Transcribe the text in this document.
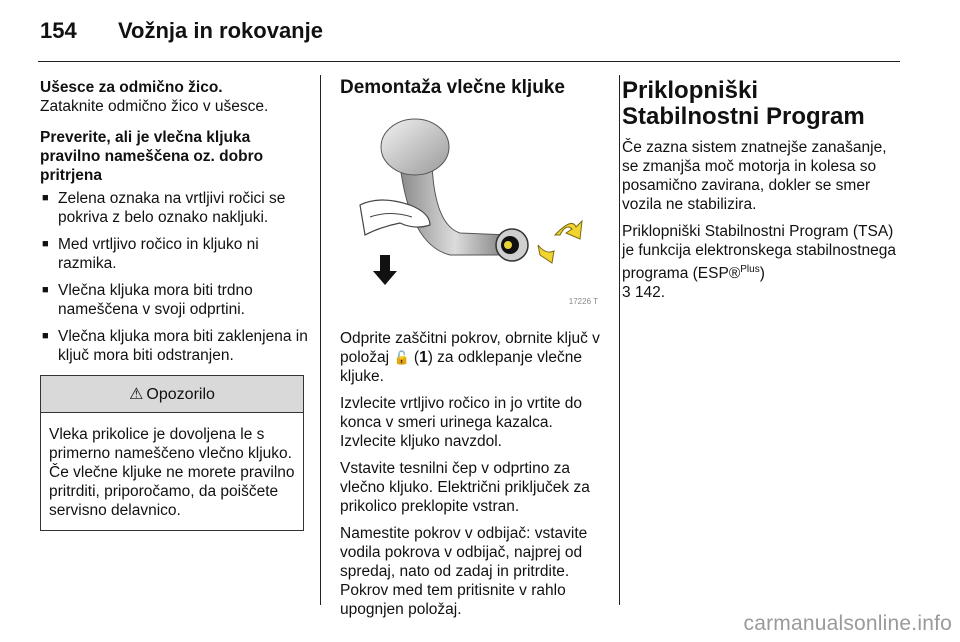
154 Vožnja in rokovanje
Ušesce za odmično žico.

Zataknite odmično žico v ušesce.

Preverite, ali je vlečna kljuka pravilno nameščena oz. dobro pritrjena
■ Zelena oznaka na vrtljivi ročici se pokriva z belo oznako nakljuki.
■ Med vrtljivo ročico in kljuko ni razmika.
■ Vlečna kljuka mora biti trdno nameščena v svoji odprtini.
■ Vlečna kljuka mora biti zaklenjena in ključ mora biti odstranjen.
⚠ Opozorilo
Vleka prikolice je dovoljena le s primerno nameščeno vlečno kljuko. Če vlečne kljuke ne morete pravilno pritrditi, priporočamo, da poiščete servisno delavnico.
Demontaža vlečne kljuke
17226 T

Odprite zaščitni pokrov, obrnite ključ v položaj 🔓 (1) za odklepanje vlečne kljuke.

Izvlecite vrtljivo ročico in jo vrtite do konca v smeri urinega kazalca. Izvlecite kljuko navzdol.

Vstavite tesnilni čep v odprtino za vlečno kljuko. Električni priključek za prikolico preklopite vstran.

Namestite pokrov v odbijač: vstavite vodila pokrova v odbijač, najprej od spredaj, nato od zadaj in pritrdite. Pokrov med tem pritisnite v rahlo upognjen položaj.

Priklopniški Stabilnostni Program

Če zazna sistem znatnejše zanašanje, se zmanjša moč motorja in kolesa so posamično zavirana, dokler se smer vozila ne stabilizira.

Priklopniški Stabilnostni Program (TSA) je funkcija elektronskega stabilnostnega programa (ESP®$^{Plus}$)
3 142.

carmanualsonline.info
